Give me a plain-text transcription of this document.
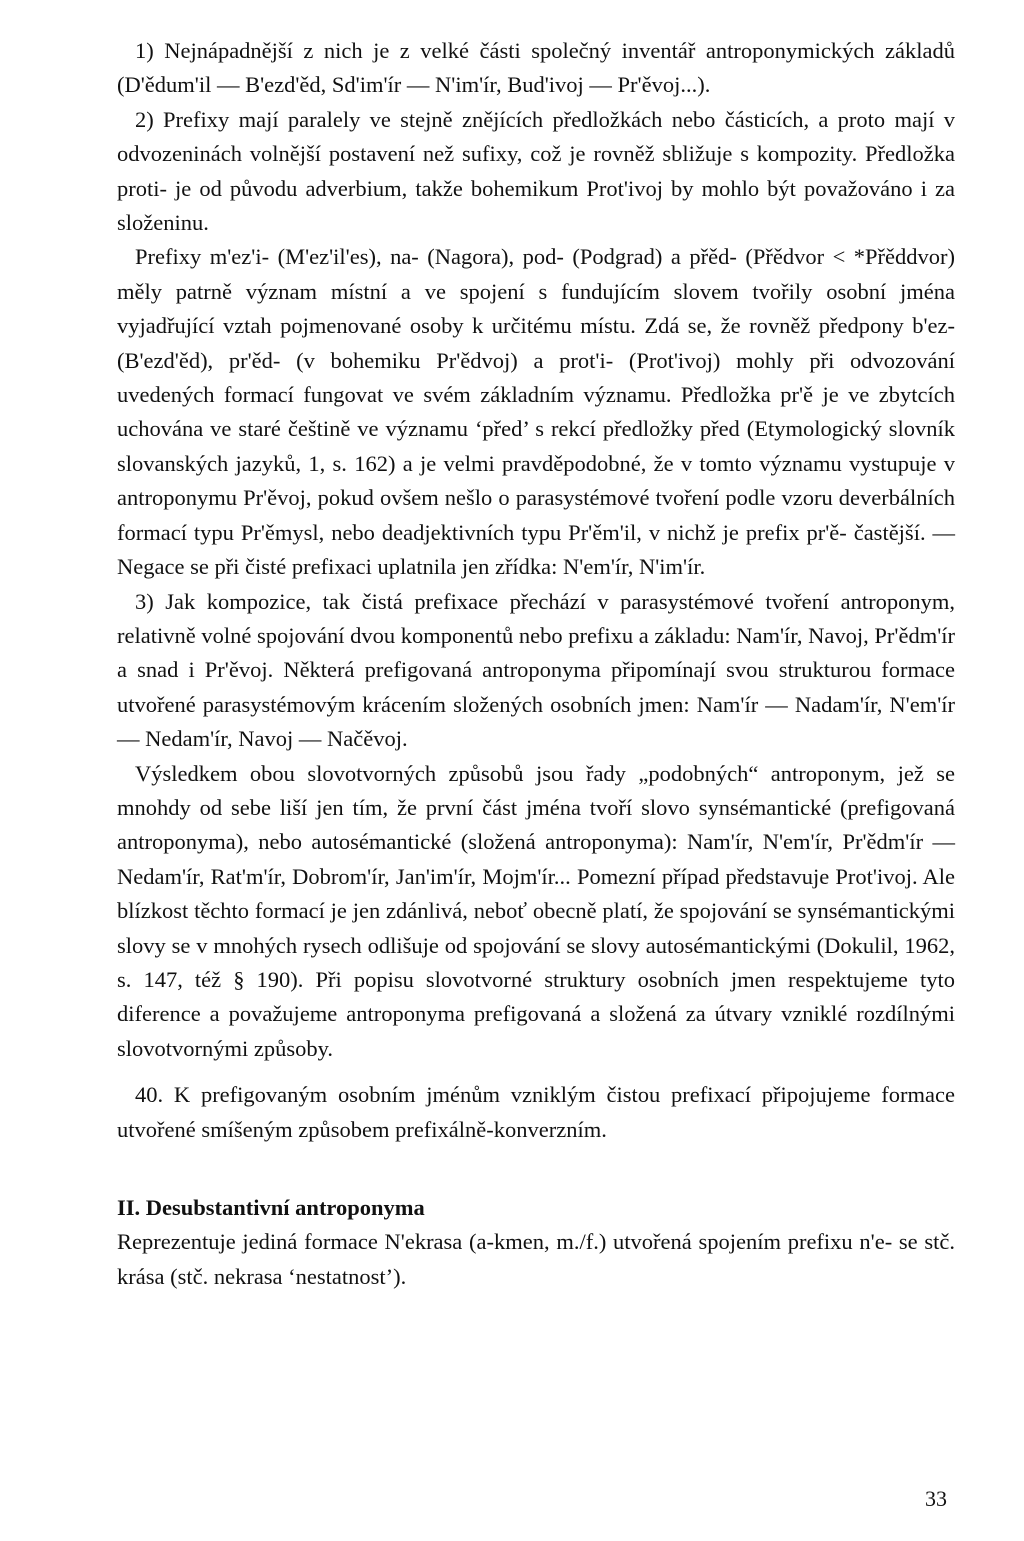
1) Nejnápadnější z nich je z velké části společný inventář antroponymických základů (D'ědum'il — B'ezd'ěd, Sd'im'ír — N'im'ír, Bud'ivoj — Pr'ěvoj...).

2) Prefixy mají paralely ve stejně znějících předložkách nebo částicích, a proto mají v odvozeninách volnější postavení než sufixy, což je rovněž sbližuje s kompozity. Předložka proti- je od původu adverbium, takže bohemikum Prot'ivoj by mohlo být považováno i za složeninu.

Prefixy m'ez'i- (M'ez'il'es), na- (Nagora), pod- (Podgrad) a přěd- (Přědvor < *Přěddvor) měly patrně význam místní a ve spojení s fundujícím slovem tvořily osobní jména vyjadřující vztah pojmenované osoby k určitému místu. Zdá se, že rovněž předpony b'ez- (B'ezd'ěd), pr'ěd- (v bohemiku Pr'ědvoj) a prot'i- (Prot'ivoj) mohly při odvozování uvedených formací fungovat ve svém základním významu. Předložka pr'ě je ve zbytcích uchována ve staré češtině ve významu ‘před’ s rekcí předložky před (Etymologický slovník slovanských jazyků, 1, s. 162) a je velmi pravděpodobné, že v tomto významu vystupuje v antroponymu Pr'ěvoj, pokud ovšem nešlo o parasystémové tvoření podle vzoru deverbálních formací typu Pr'ěmysl, nebo deadjektivních typu Pr'ěm'il, v nichž je prefix pr'ě- častější. — Negace se při čisté prefixaci uplatnila jen zřídka: N'em'ír, N'im'ír.

3) Jak kompozice, tak čistá prefixace přechází v parasystémové tvoření antroponym, relativně volné spojování dvou komponentů nebo prefixu a základu: Nam'ír, Navoj, Pr'ědm'ír a snad i Pr'ěvoj. Některá prefigovaná antroponyma připomínají svou strukturou formace utvořené parasystémovým krácením složených osobních jmen: Nam'ír — Nadam'ír, N'em'ír — Nedam'ír, Navoj — Načěvoj.

Výsledkem obou slovotvorných způsobů jsou řady „podobných“ antroponym, jež se mnohdy od sebe liší jen tím, že první část jména tvoří slovo synsémantické (prefigovaná antroponyma), nebo autosémantické (složená antroponyma): Nam'ír, N'em'ír, Pr'ědm'ír — Nedam'ír, Rat'm'ír, Dobrom'ír, Jan'im'ír, Mojm'ír... Pomezní případ představuje Prot'ivoj. Ale blízkost těchto formací je jen zdánlivá, neboť obecně platí, že spojování se synsémantickými slovy se v mnohých rysech odlišuje od spojování se slovy autosémantickými (Dokulil, 1962, s. 147, též § 190). Při popisu slovotvorné struktury osobních jmen respektujeme tyto diference a považujeme antroponyma prefigovaná a složená za útvary vzniklé rozdílnými slovotvornými způsoby.

40. K prefigovaným osobním jménům vzniklým čistou prefixací připojujeme formace utvořené smíšeným způsobem prefixálně-konverzním.

II. Desubstantivní antroponyma

Reprezentuje jediná formace N'ekrasa (a-kmen, m./f.) utvořená spojením prefixu n'e- se stč. krása (stč. nekrasa ‘nestatnost’).

33
